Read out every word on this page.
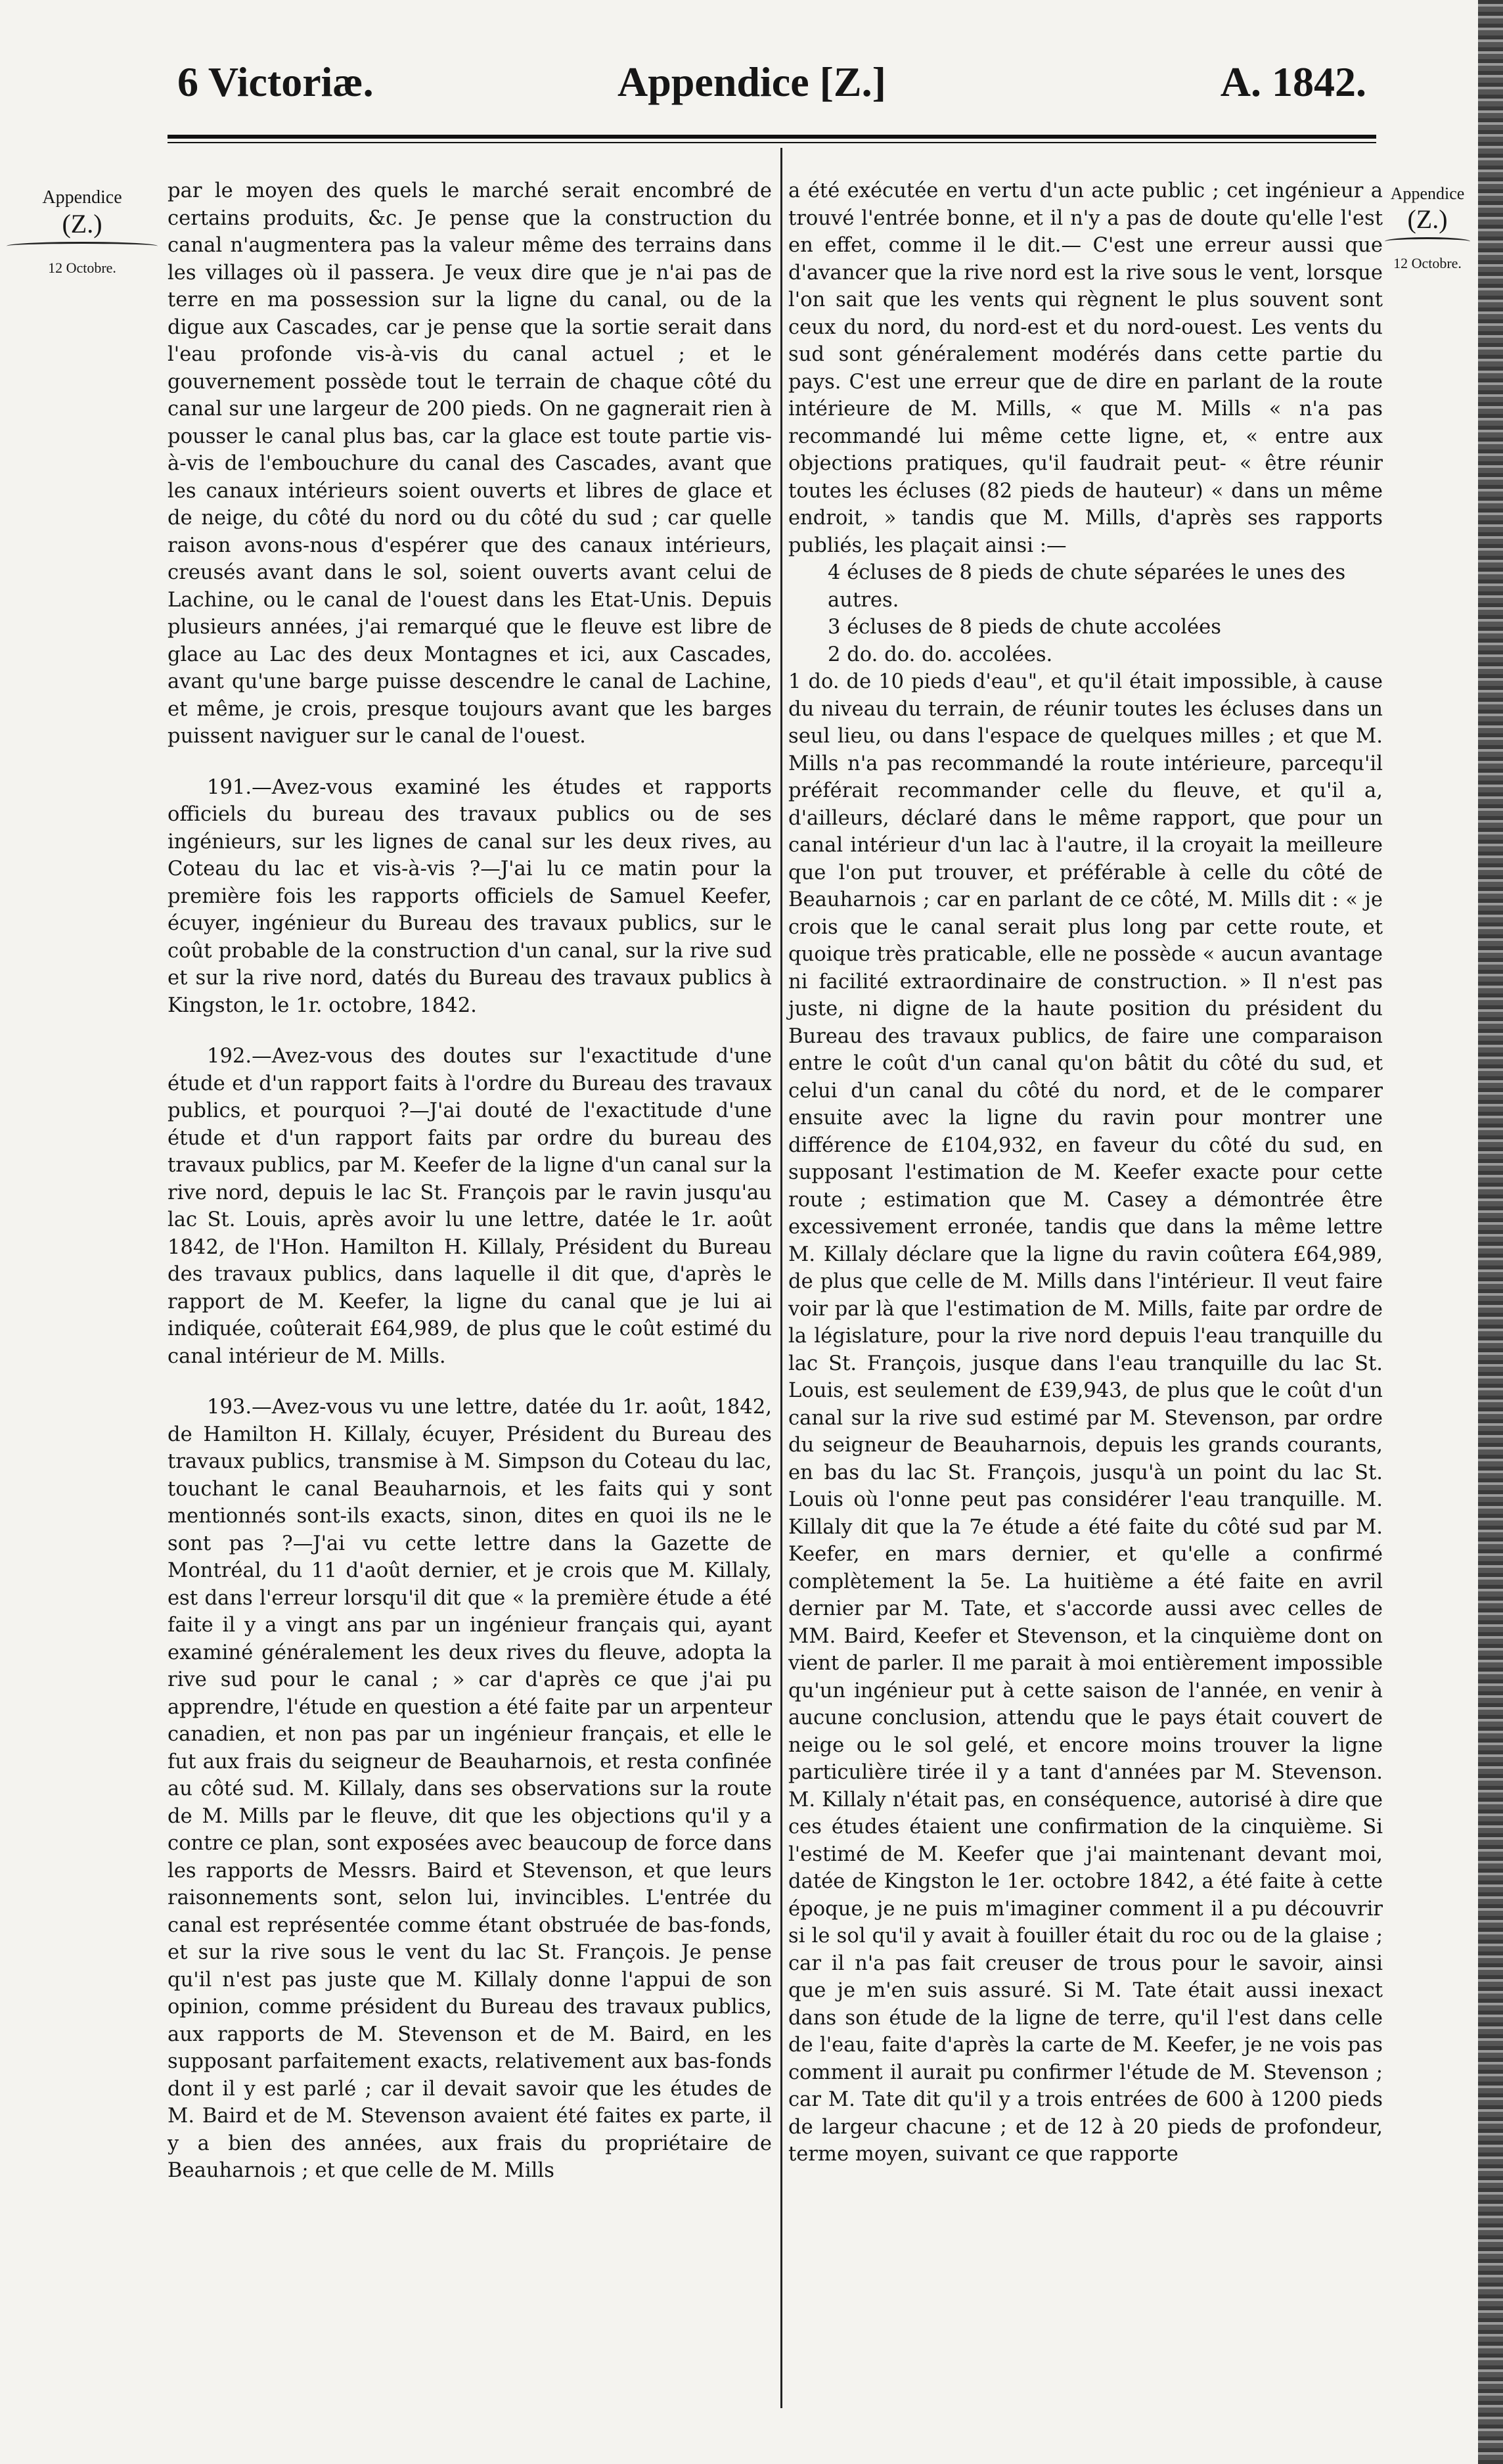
6 Victoriæ.	Appendice [Z.]	A. 1842.
Appendice
(Z.)
12 Octobre.
Appendice
(Z.)
12 Octobre.

par le moyen des quels le marché serait encombré de certains produits, &c. Je pense que la construction du canal n'augmentera pas la valeur même des terrains dans les villages où il passera. Je veux dire que je n'ai pas de terre en ma possession sur la ligne du canal, ou de la digue aux Cascades, car je pense que la sortie serait dans l'eau profonde vis-à-vis du canal actuel ; et le gouvernement possède tout le terrain de chaque côté du canal sur une largeur de 200 pieds. On ne gagnerait rien à pousser le canal plus bas, car la glace est toute partie vis-à-vis de l'embouchure du canal des Cascades, avant que les canaux intérieurs soient ouverts et libres de glace et de neige, du côté du nord ou du côté du sud ; car quelle raison avons-nous d'espérer que des canaux intérieurs, creusés avant dans le sol, soient ouverts avant celui de Lachine, ou le canal de l'ouest dans les Etat-Unis. Depuis plusieurs années, j'ai remarqué que le fleuve est libre de glace au Lac des deux Montagnes et ici, aux Cascades, avant qu'une barge puisse descendre le canal de Lachine, et même, je crois, presque toujours avant que les barges puissent naviguer sur le canal de l'ouest.

191.—Avez-vous examiné les études et rapports officiels du bureau des travaux publics ou de ses ingénieurs, sur les lignes de canal sur les deux rives, au Coteau du lac et vis-à-vis ?—J'ai lu ce matin pour la première fois les rapports officiels de Samuel Keefer, écuyer, ingénieur du Bureau des travaux publics, sur le coût probable de la construction d'un canal, sur la rive sud et sur la rive nord, datés du Bureau des travaux publics à Kingston, le 1r. octobre, 1842.

192.—Avez-vous des doutes sur l'exactitude d'une étude et d'un rapport faits à l'ordre du Bureau des travaux publics, et pourquoi ?—J'ai douté de l'exactitude d'une étude et d'un rapport faits par ordre du bureau des travaux publics, par M. Keefer de la ligne d'un canal sur la rive nord, depuis le lac St. François par le ravin jusqu'au lac St. Louis, après avoir lu une lettre, datée le 1r. août 1842, de l'Hon. Hamilton H. Killaly, Président du Bureau des travaux publics, dans laquelle il dit que, d'après le rapport de M. Keefer, la ligne du canal que je lui ai indiquée, coûterait £64,989, de plus que le coût estimé du canal intérieur de M. Mills.

193.—Avez-vous vu une lettre, datée du 1r. août, 1842, de Hamilton H. Killaly, écuyer, Président du Bureau des travaux publics, transmise à M. Simpson du Coteau du lac, touchant le canal Beauharnois, et les faits qui y sont mentionnés sont-ils exacts, sinon, dites en quoi ils ne le sont pas ?—J'ai vu cette lettre dans la Gazette de Montréal, du 11 d'août dernier, et je crois que M. Killaly, est dans l'erreur lorsqu'il dit que « la première étude a été faite il y a vingt ans par un ingénieur français qui, ayant examiné généralement les deux rives du fleuve, adopta la rive sud pour le canal ; » car d'après ce que j'ai pu apprendre, l'étude en question a été faite par un arpenteur canadien, et non pas par un ingénieur français, et elle le fut aux frais du seigneur de Beauharnois, et resta confinée au côté sud. M. Killaly, dans ses observations sur la route de M. Mills par le fleuve, dit que les objections qu'il y a contre ce plan, sont exposées avec beaucoup de force dans les rapports de Messrs. Baird et Stevenson, et que leurs raisonnements sont, selon lui, invincibles. L'entrée du canal est représentée comme étant obstruée de bas-fonds, et sur la rive sous le vent du lac St. François. Je pense qu'il n'est pas juste que M. Killaly donne l'appui de son opinion, comme président du Bureau des travaux publics, aux rapports de M. Stevenson et de M. Baird, en les supposant parfaitement exacts, relativement aux bas-fonds dont il y est parlé ; car il devait savoir que les études de M. Baird et de M. Stevenson avaient été faites ex parte, il y a bien des années, aux frais du propriétaire de Beauharnois ; et que celle de M. Mills

a été exécutée en vertu d'un acte public ; cet ingénieur a trouvé l'entrée bonne, et il n'y a pas de doute qu'elle l'est en effet, comme il le dit.— C'est une erreur aussi que d'avancer que la rive nord est la rive sous le vent, lorsque l'on sait que les vents qui règnent le plus souvent sont ceux du nord, du nord-est et du nord-ouest. Les vents du sud sont généralement modérés dans cette partie du pays. C'est une erreur que de dire en parlant de la route intérieure de M. Mills, « que M. Mills « n'a pas recommandé lui même cette ligne, et, « entre aux objections pratiques, qu'il faudrait peut- « être réunir toutes les écluses (82 pieds de hauteur) « dans un même endroit, » tandis que M. Mills, d'après ses rapports publiés, les plaçait ainsi :—

4 écluses de 8 pieds de chute séparées le unes des autres.

3 écluses de 8 pieds de chute accolées

2 do. do. do. accolées.

1 do. de 10 pieds d'eau", et qu'il était impossible, à cause du niveau du terrain, de réunir toutes les écluses dans un seul lieu, ou dans l'espace de quelques milles ; et que M. Mills n'a pas recommandé la route intérieure, parcequ'il préférait recommander celle du fleuve, et qu'il a, d'ailleurs, déclaré dans le même rapport, que pour un canal intérieur d'un lac à l'autre, il la croyait la meilleure que l'on put trouver, et préférable à celle du côté de Beauharnois ; car en parlant de ce côté, M. Mills dit : « je crois que le canal serait plus long par cette route, et quoique très praticable, elle ne possède « aucun avantage ni facilité extraordinaire de construction. » Il n'est pas juste, ni digne de la haute position du président du Bureau des travaux publics, de faire une comparaison entre le coût d'un canal qu'on bâtit du côté du sud, et celui d'un canal du côté du nord, et de le comparer ensuite avec la ligne du ravin pour montrer une différence de £104,932, en faveur du côté du sud, en supposant l'estimation de M. Keefer exacte pour cette route ; estimation que M. Casey a démontrée être excessivement erronée, tandis que dans la même lettre M. Killaly déclare que la ligne du ravin coûtera £64,989, de plus que celle de M. Mills dans l'intérieur. Il veut faire voir par là que l'estimation de M. Mills, faite par ordre de la législature, pour la rive nord depuis l'eau tranquille du lac St. François, jusque dans l'eau tranquille du lac St. Louis, est seulement de £39,943, de plus que le coût d'un canal sur la rive sud estimé par M. Stevenson, par ordre du seigneur de Beauharnois, depuis les grands courants, en bas du lac St. François, jusqu'à un point du lac St. Louis où l'onne peut pas considérer l'eau tranquille. M. Killaly dit que la 7e étude a été faite du côté sud par M. Keefer, en mars dernier, et qu'elle a confirmé complètement la 5e. La huitième a été faite en avril dernier par M. Tate, et s'accorde aussi avec celles de MM. Baird, Keefer et Stevenson, et la cinquième dont on vient de parler. Il me parait à moi entièrement impossible qu'un ingénieur put à cette saison de l'année, en venir à aucune conclusion, attendu que le pays était couvert de neige ou le sol gelé, et encore moins trouver la ligne particulière tirée il y a tant d'années par M. Stevenson. M. Killaly n'était pas, en conséquence, autorisé à dire que ces études étaient une confirmation de la cinquième. Si l'estimé de M. Keefer que j'ai maintenant devant moi, datée de Kingston le 1er. octobre 1842, a été faite à cette époque, je ne puis m'imaginer comment il a pu découvrir si le sol qu'il y avait à fouiller était du roc ou de la glaise ; car il n'a pas fait creuser de trous pour le savoir, ainsi que je m'en suis assuré. Si M. Tate était aussi inexact dans son étude de la ligne de terre, qu'il l'est dans celle de l'eau, faite d'après la carte de M. Keefer, je ne vois pas comment il aurait pu confirmer l'étude de M. Stevenson ; car M. Tate dit qu'il y a trois entrées de 600 à 1200 pieds de largeur chacune ; et de 12 à 20 pieds de profondeur, terme moyen, suivant ce que rapporte
